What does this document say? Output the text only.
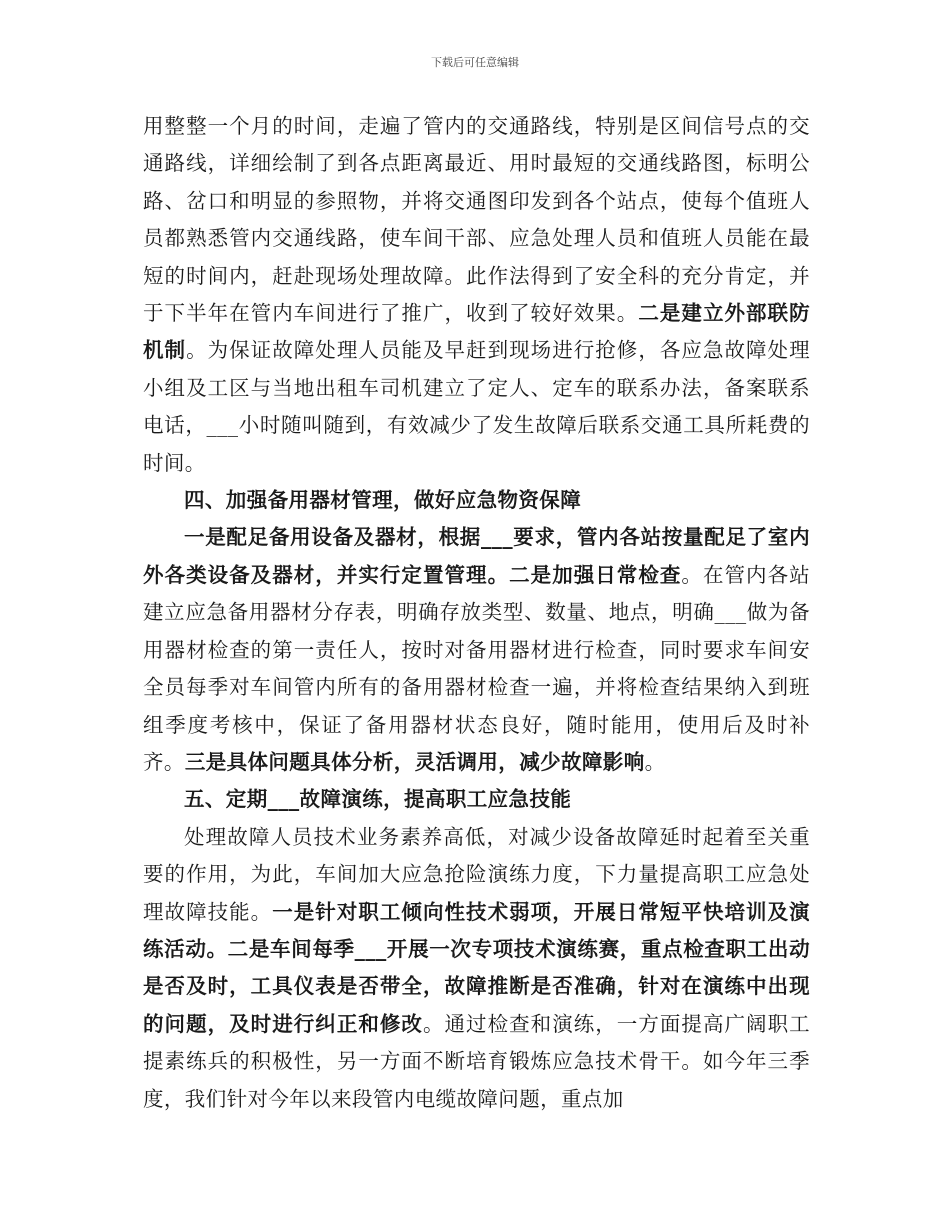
下载后可任意编辑

用整整一个月的时间，走遍了管内的交通路线，特别是区间信号点的交通路线，详细绘制了到各点距离最近、用时最短的交通线路图，标明公路、岔口和明显的参照物，并将交通图印发到各个站点，使每个值班人员都熟悉管内交通线路，使车间干部、应急处理人员和值班人员能在最短的时间内，赶赴现场处理故障。此作法得到了安全科的充分肯定，并于下半年在管内车间进行了推广，收到了较好效果。二是建立外部联防机制。为保证故障处理人员能及早赶到现场进行抢修，各应急故障处理小组及工区与当地出租车司机建立了定人、定车的联系办法，备案联系电话，___小时随叫随到，有效减少了发生故障后联系交通工具所耗费的时间。

四、加强备用器材管理，做好应急物资保障

一是配足备用设备及器材，根据___要求，管内各站按量配足了室内外各类设备及器材，并实行定置管理。二是加强日常检查。在管内各站建立应急备用器材分存表，明确存放类型、数量、地点，明确___做为备用器材检查的第一责任人，按时对备用器材进行检查，同时要求车间安全员每季对车间管内所有的备用器材检查一遍，并将检查结果纳入到班组季度考核中，保证了备用器材状态良好，随时能用，使用后及时补齐。三是具体问题具体分析，灵活调用，减少故障影响。

五、定期___故障演练，提高职工应急技能

处理故障人员技术业务素养高低，对减少设备故障延时起着至关重要的作用，为此，车间加大应急抢险演练力度，下力量提高职工应急处理故障技能。一是针对职工倾向性技术弱项，开展日常短平快培训及演练活动。二是车间每季___开展一次专项技术演练赛，重点检查职工出动是否及时，工具仪表是否带全，故障推断是否准确，针对在演练中出现的问题，及时进行纠正和修改。通过检查和演练，一方面提高广阔职工提素练兵的积极性，另一方面不断培育锻炼应急技术骨干。如今年三季度，我们针对今年以来段管内电缆故障问题，重点加
